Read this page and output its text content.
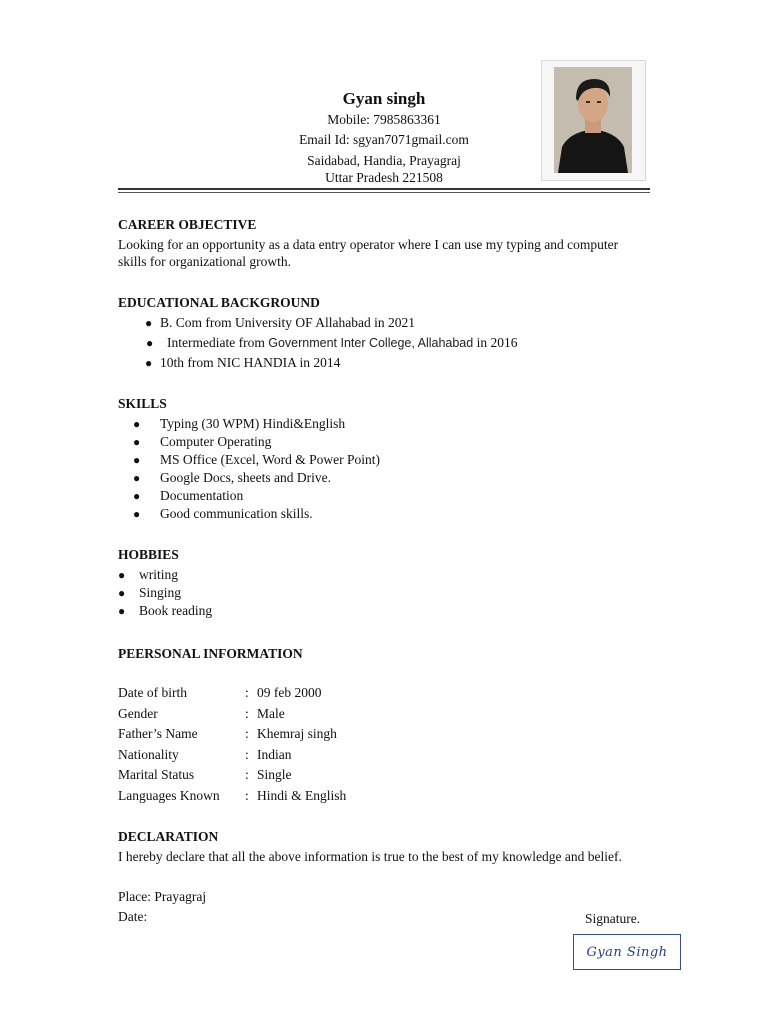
Gyan singh
Mobile: 7985863361
Email Id: sgyan7071gmail.com
Saidabad, Handia, Prayagraj
Uttar Pradesh 221508
CAREER OBJECTIVE
Looking for an opportunity as a data entry operator where I can use my typing and computer
skills for organizational growth.
EDUCATIONAL BACKGROUND
● B. Com from University OF Allahabad in 2021
● Intermediate from Government Inter College, Allahabad in 2016
● 10th from NIC HANDIA in 2014
SKILLS
● Typing (30 WPM) Hindi&English
● Computer Operating
● MS Office (Excel, Word & Power Point)
● Google Docs, sheets and Drive.
● Documentation
● Good communication skills.
HOBBIES
● writing
● Singing
● Book reading
PEERSONAL INFORMATION
Date of birth	: 09 feb 2000
Gender	: Male
Father’s Name	: Khemraj singh
Nationality	: Indian
Marital Status	: Single
Languages Known : Hindi & English
DECLARATION
I hereby declare that all the above information is true to the best of my knowledge and belief.
Place: Prayagraj
Date:	Signature.
Gyan Singh
